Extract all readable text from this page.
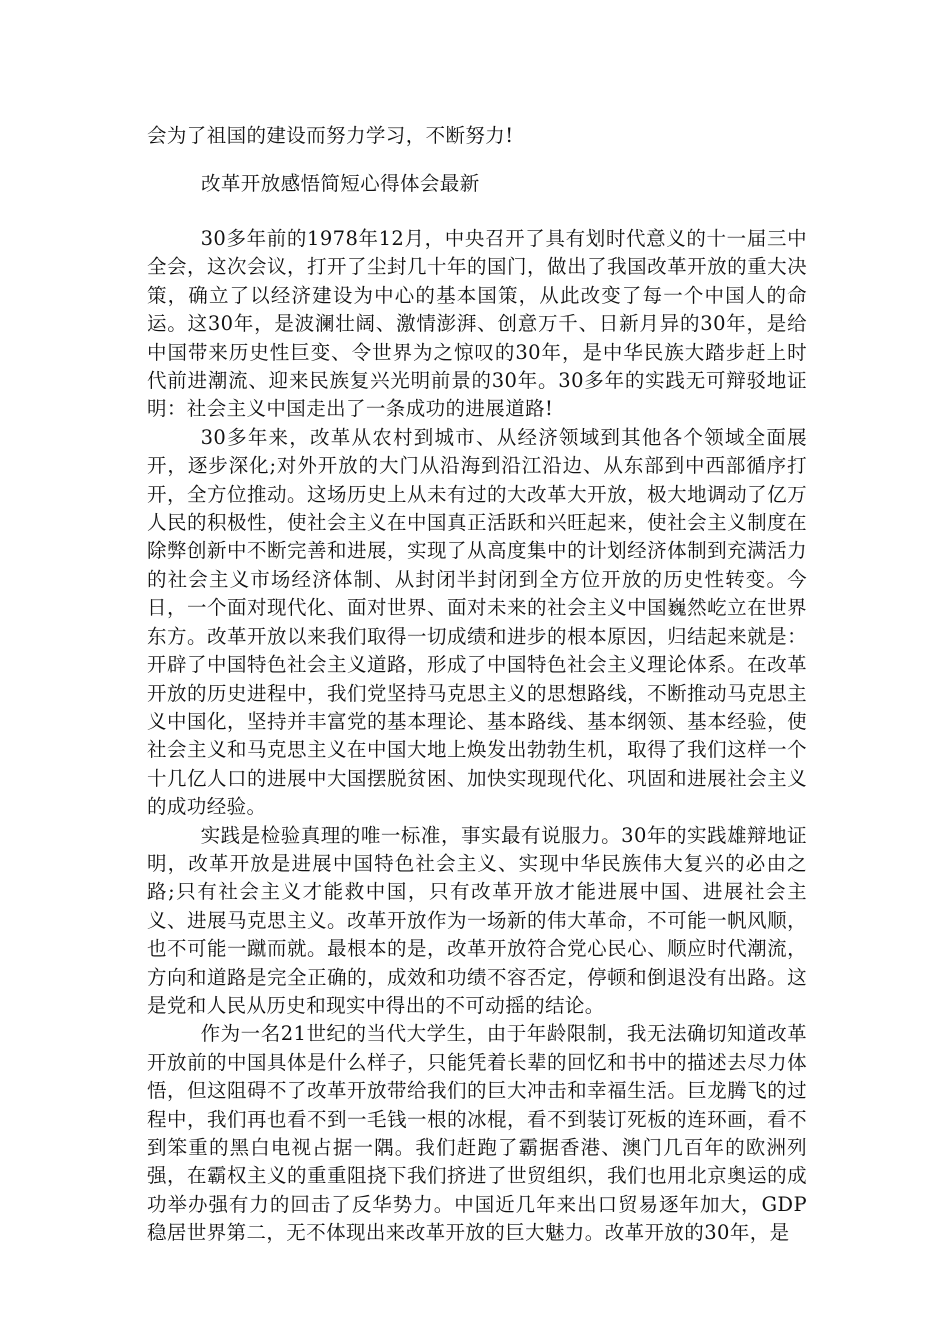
会为了祖国的建设而努力学习，不断努力!
改革开放感悟简短心得体会最新

30多年前的1978年12月，中央召开了具有划时代意义的十一届三中全会，这次会议，打开了尘封几十年的国门，做出了我国改革开放的重大决策，确立了以经济建设为中心的基本国策，从此改变了每一个中国人的命运。这30年，是波澜壮阔、激情澎湃、创意万千、日新月异的30年，是给中国带来历史性巨变、令世界为之惊叹的30年，是中华民族大踏步赶上时代前进潮流、迎来民族复兴光明前景的30年。30多年的实践无可辩驳地证明：社会主义中国走出了一条成功的进展道路!

30多年来，改革从农村到城市、从经济领域到其他各个领域全面展开，逐步深化;对外开放的大门从沿海到沿江沿边、从东部到中西部循序打开，全方位推动。这场历史上从未有过的大改革大开放，极大地调动了亿万人民的积极性，使社会主义在中国真正活跃和兴旺起来，使社会主义制度在除弊创新中不断完善和进展，实现了从高度集中的计划经济体制到充满活力的社会主义市场经济体制、从封闭半封闭到全方位开放的历史性转变。今日，一个面对现代化、面对世界、面对未来的社会主义中国巍然屹立在世界东方。改革开放以来我们取得一切成绩和进步的根本原因，归结起来就是：开辟了中国特色社会主义道路，形成了中国特色社会主义理论体系。在改革开放的历史进程中，我们党坚持马克思主义的思想路线，不断推动马克思主义中国化，坚持并丰富党的基本理论、基本路线、基本纲领、基本经验，使社会主义和马克思主义在中国大地上焕发出勃勃生机，取得了我们这样一个十几亿人口的进展中大国摆脱贫困、加快实现现代化、巩固和进展社会主义的成功经验。

实践是检验真理的唯一标准，事实最有说服力。30年的实践雄辩地证明，改革开放是进展中国特色社会主义、实现中华民族伟大复兴的必由之路;只有社会主义才能救中国，只有改革开放才能进展中国、进展社会主义、进展马克思主义。改革开放作为一场新的伟大革命，不可能一帆风顺，也不可能一蹴而就。最根本的是，改革开放符合党心民心、顺应时代潮流，方向和道路是完全正确的，成效和功绩不容否定，停顿和倒退没有出路。这是党和人民从历史和现实中得出的不可动摇的结论。

作为一名21世纪的当代大学生，由于年龄限制，我无法确切知道改革开放前的中国具体是什么样子，只能凭着长辈的回忆和书中的描述去尽力体悟，但这阻碍不了改革开放带给我们的巨大冲击和幸福生活。巨龙腾飞的过程中，我们再也看不到一毛钱一根的冰棍，看不到装订死板的连环画，看不到笨重的黑白电视占据一隅。我们赶跑了霸据香港、澳门几百年的欧洲列强，在霸权主义的重重阻挠下我们挤进了世贸组织，我们也用北京奥运的成功举办强有力的回击了反华势力。中国近几年来出口贸易逐年加大，GDP稳居世界第二，无不体现出来改革开放的巨大魅力。改革开放的30年，是
